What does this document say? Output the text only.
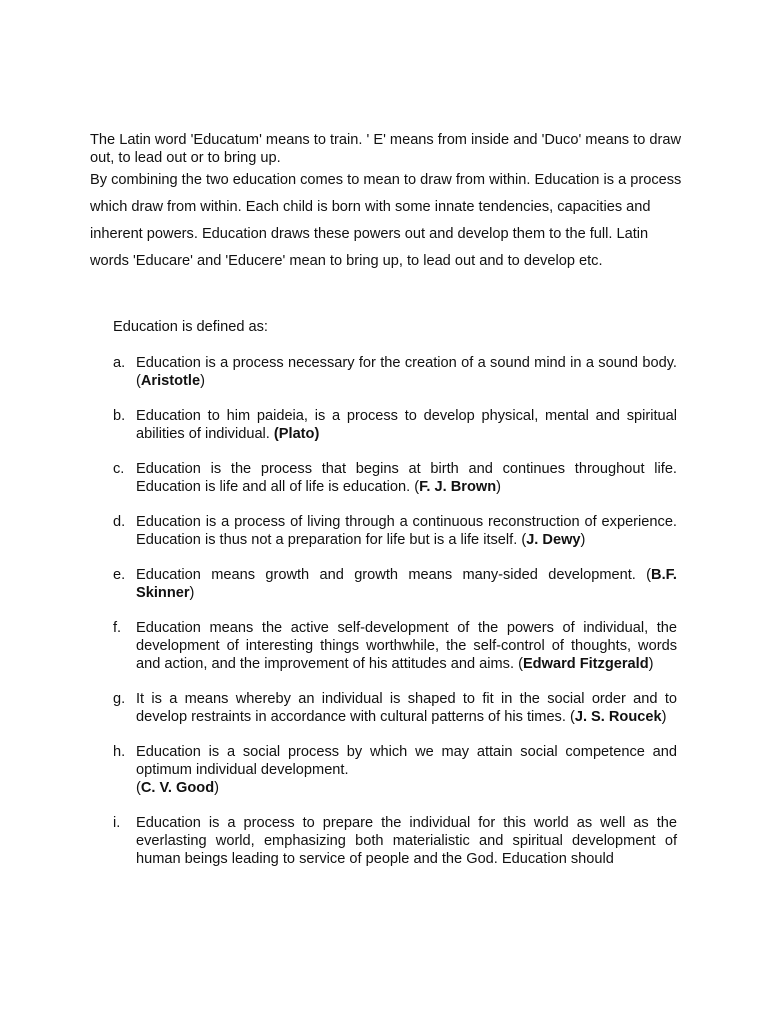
The Latin word 'Educatum' means to train. ' E' means from inside and 'Duco' means to draw out, to lead out or to bring up.

By combining the two education comes to mean to draw from within. Education is a process which draw from within. Each child is born with some innate tendencies, capacities and inherent powers. Education draws these powers out and develop them to the full. Latin words 'Educare' and 'Educere' mean to bring up, to lead out and to develop etc.

Education is defined as:

a. Education is a process necessary for the creation of a sound mind in a sound body. (Aristotle)
b. Education to him paideia, is a process to develop physical, mental and spiritual abilities of individual. (Plato)
c. Education is the process that begins at birth and continues throughout life. Education is life and all of life is education. (F. J. Brown)
d. Education is a process of living through a continuous reconstruction of experience. Education is thus not a preparation for life but is a life itself. (J. Dewy)
e. Education means growth and growth means many-sided development. (B.F. Skinner)
f. Education means the active self-development of the powers of individual, the development of interesting things worthwhile, the self-control of thoughts, words and action, and the improvement of his attitudes and aims. (Edward Fitzgerald)
g. It is a means whereby an individual is shaped to fit in the social order and to develop restraints in accordance with cultural patterns of his times. (J. S. Roucek)
h. Education is a social process by which we may attain social competence and optimum individual development.
(C. V. Good)
i. Education is a process to prepare the individual for this world as well as the everlasting world, emphasizing both materialistic and spiritual development of human beings leading to service of people and the God. Education should
